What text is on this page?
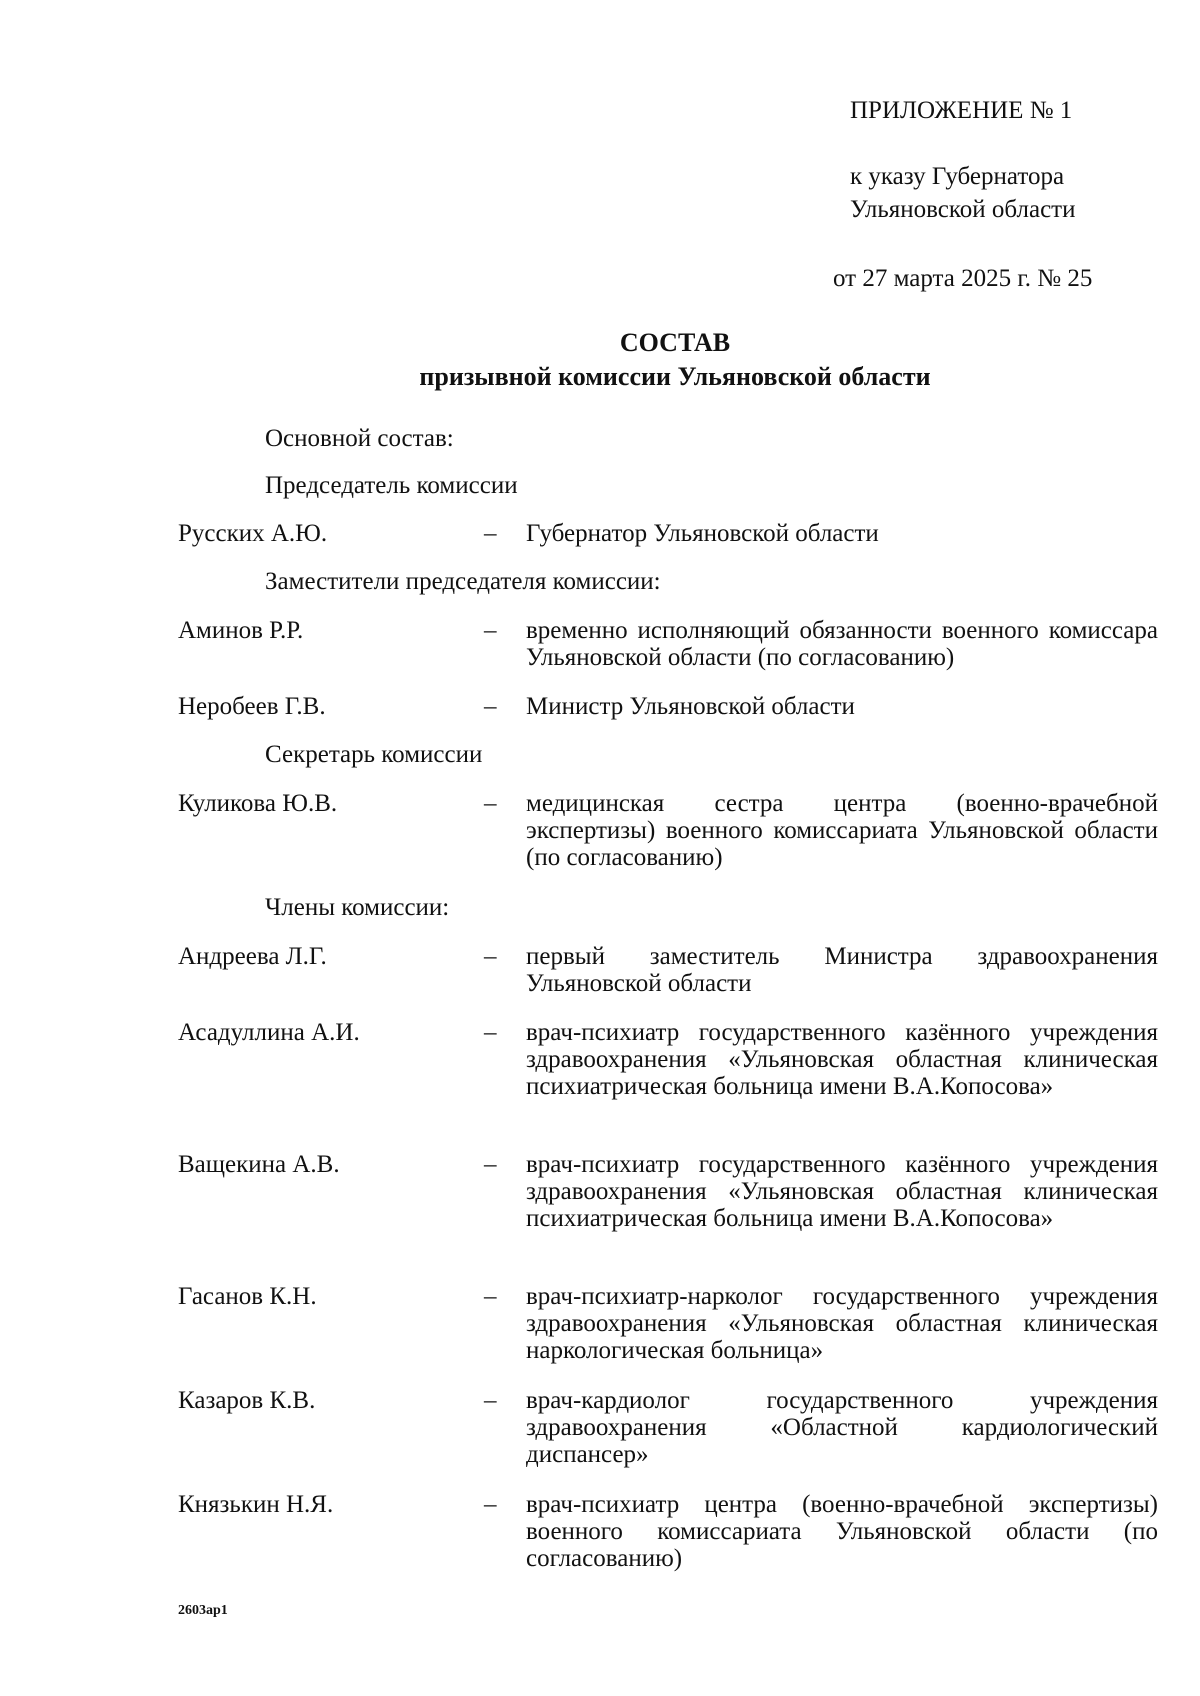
ПРИЛОЖЕНИЕ № 1
к указу Губернатора
Ульяновской области
от 27 марта 2025 г. № 25
СОСТАВ
призывной комиссии Ульяновской области
Основной состав:
Председатель комиссии
Русских А.Ю.	– Губернатор Ульяновской области
Заместители председателя комиссии:
Аминов Р.Р.	– временно исполняющий обязанности военного комиссара Ульяновской области (по согласованию)
Неробеев Г.В.	– Министр Ульяновской области
Секретарь комиссии
Куликова Ю.В.	– медицинская сестра центра (военно-врачебной экспертизы) военного комиссариата Ульяновской области (по согласованию)
Члены комиссии:
Андреева Л.Г.	– первый заместитель Министра здравоохранения Ульяновской области
Асадуллина А.И.	– врач-психиатр государственного казённого учреждения здравоохранения «Ульяновская областная клиническая психиатрическая больница имени В.А.Копосова»
Ващекина А.В.	– врач-психиатр государственного казённого учреждения здравоохранения «Ульяновская областная клиническая психиатрическая больница имени В.А.Копосова»
Гасанов К.Н.	– врач-психиатр-нарколог государственного учреждения здравоохранения «Ульяновская областная клиническая наркологическая больница»
Казаров К.В.	– врач-кардиолог государственного учреждения здравоохранения «Областной кардиологический диспансер»
Князькин Н.Я.	– врач-психиатр центра (военно-врачебной экспертизы) военного комиссариата Ульяновской области (по согласованию)
2603ap1
